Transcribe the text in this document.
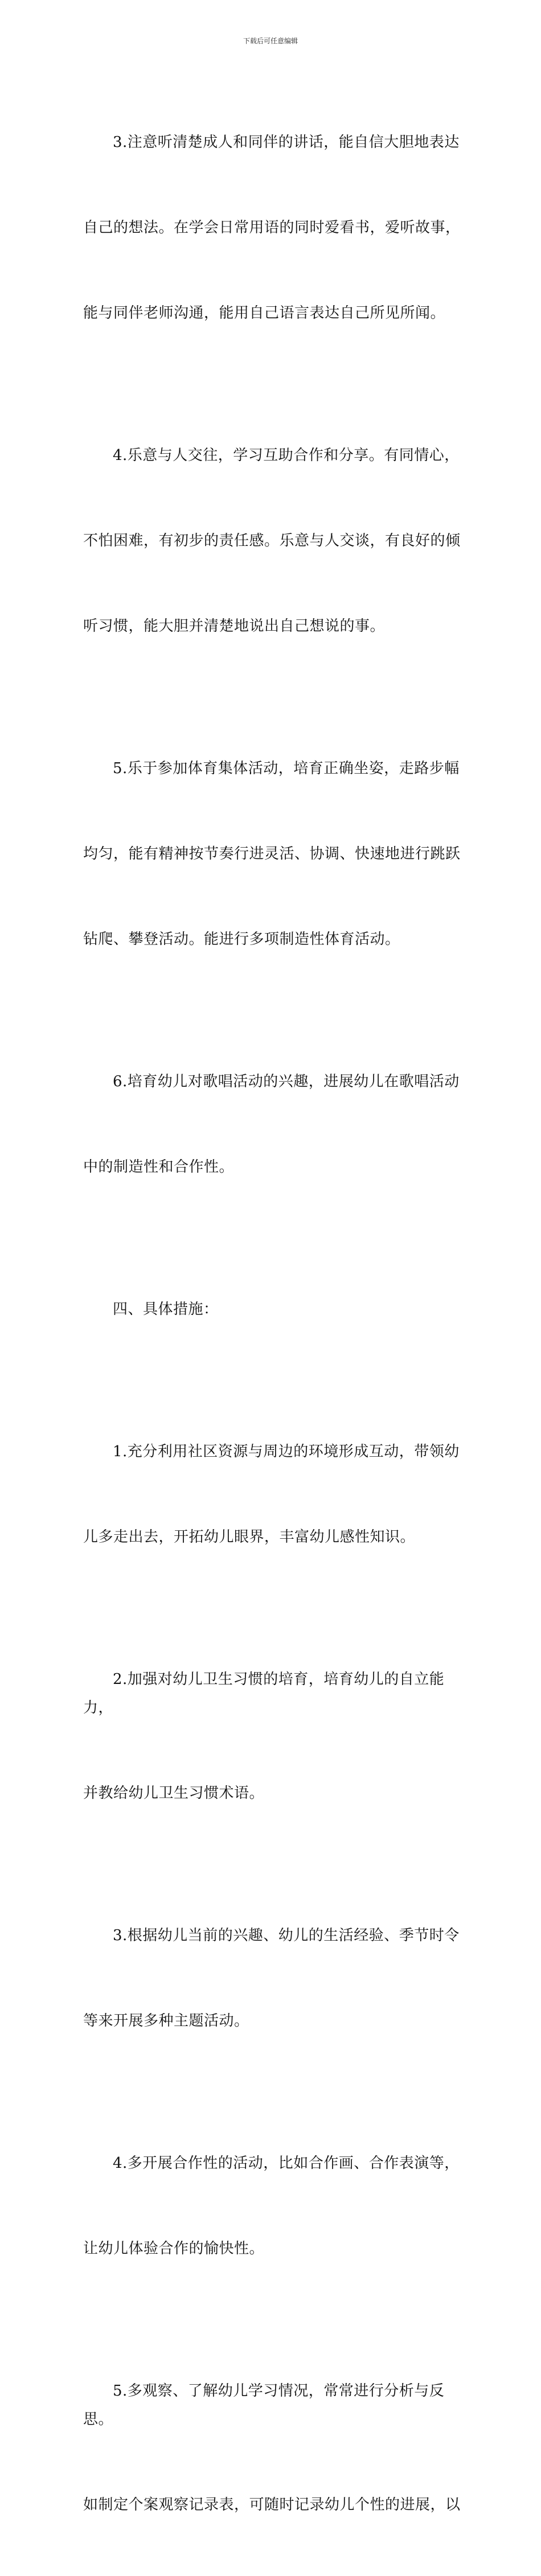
下载后可任意编辑

3.注意听清楚成人和同伴的讲话，能自信大胆地表达

自己的想法。在学会日常用语的同时爱看书，爱听故事，

能与同伴老师沟通，能用自己语言表达自己所见所闻。

4.乐意与人交往，学习互助合作和分享。有同情心，

不怕困难，有初步的责任感。乐意与人交谈，有良好的倾

听习惯，能大胆并清楚地说出自己想说的事。

5.乐于参加体育集体活动，培育正确坐姿，走路步幅

均匀，能有精神按节奏行进灵活、协调、快速地进行跳跃

钻爬、攀登活动。能进行多项制造性体育活动。

6.培育幼儿对歌唱活动的兴趣，进展幼儿在歌唱活动

中的制造性和合作性。

四、具体措施：

1.充分利用社区资源与周边的环境形成互动，带领幼

儿多走出去，开拓幼儿眼界，丰富幼儿感性知识。

2.加强对幼儿卫生习惯的培育，培育幼儿的自立能力，

并教给幼儿卫生习惯术语。

3.根据幼儿当前的兴趣、幼儿的生活经验、季节时令

等来开展多种主题活动。

4.多开展合作性的活动，比如合作画、合作表演等，

让幼儿体验合作的愉快性。

5.多观察、了解幼儿学习情况，常常进行分析与反思。

如制定个案观察记录表，可随时记录幼儿个性的进展，以
